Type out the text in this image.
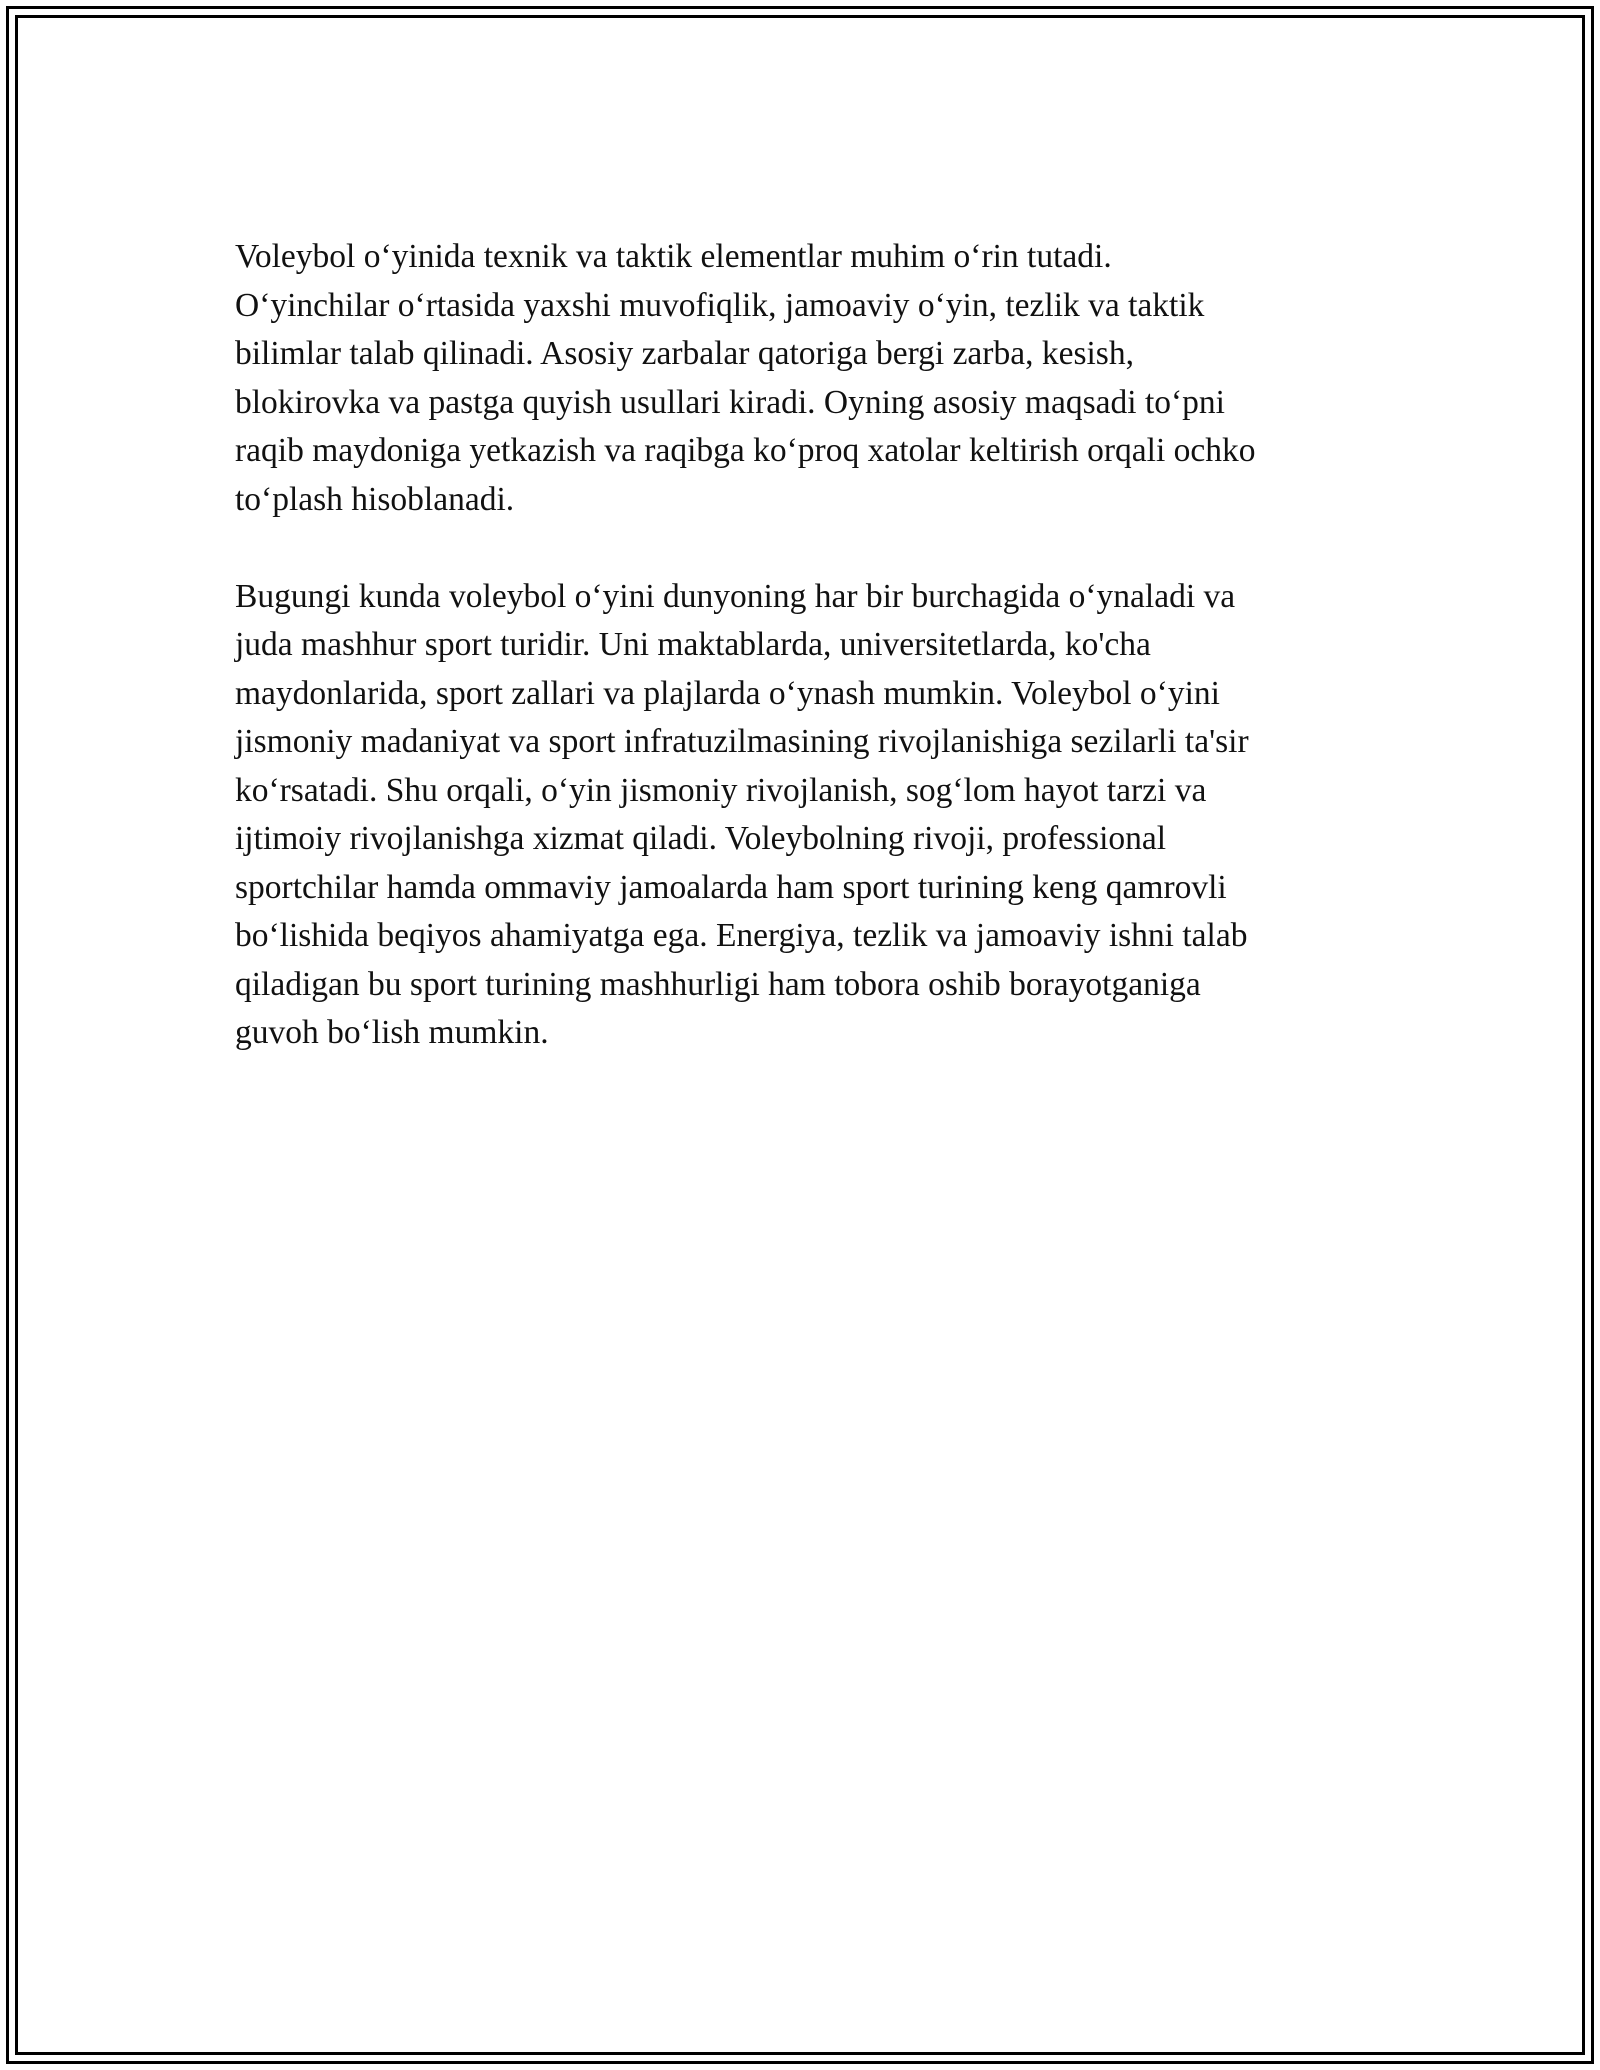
Voleybol o‘yinida texnik va taktik elementlar muhim o‘rin tutadi.
O‘yinchilar o‘rtasida yaxshi muvofiqlik, jamoaviy o‘yin, tezlik va taktik
bilimlar talab qilinadi. Asosiy zarbalar qatoriga bergi zarba, kesish,
blokirovka va pastga quyish usullari kiradi. Oyning asosiy maqsadi to‘pni
raqib maydoniga yetkazish va raqibga ko‘proq xatolar keltirish orqali ochko
to‘plash hisoblanadi.
Bugungi kunda voleybol o‘yini dunyoning har bir burchagida o‘ynaladi va
juda mashhur sport turidir. Uni maktablarda, universitetlarda, ko'cha
maydonlarida, sport zallari va plajlarda o‘ynash mumkin. Voleybol o‘yini
jismoniy madaniyat va sport infratuzilmasining rivojlanishiga sezilarli ta'sir
ko‘rsatadi. Shu orqali, o‘yin jismoniy rivojlanish, sog‘lom hayot tarzi va
ijtimoiy rivojlanishga xizmat qiladi. Voleybolning rivoji, professional
sportchilar hamda ommaviy jamoalarda ham sport turining keng qamrovli
bo‘lishida beqiyos ahamiyatga ega. Energiya, tezlik va jamoaviy ishni talab
qiladigan bu sport turining mashhurligi ham tobora oshib borayotganiga
guvoh bo‘lish mumkin.
